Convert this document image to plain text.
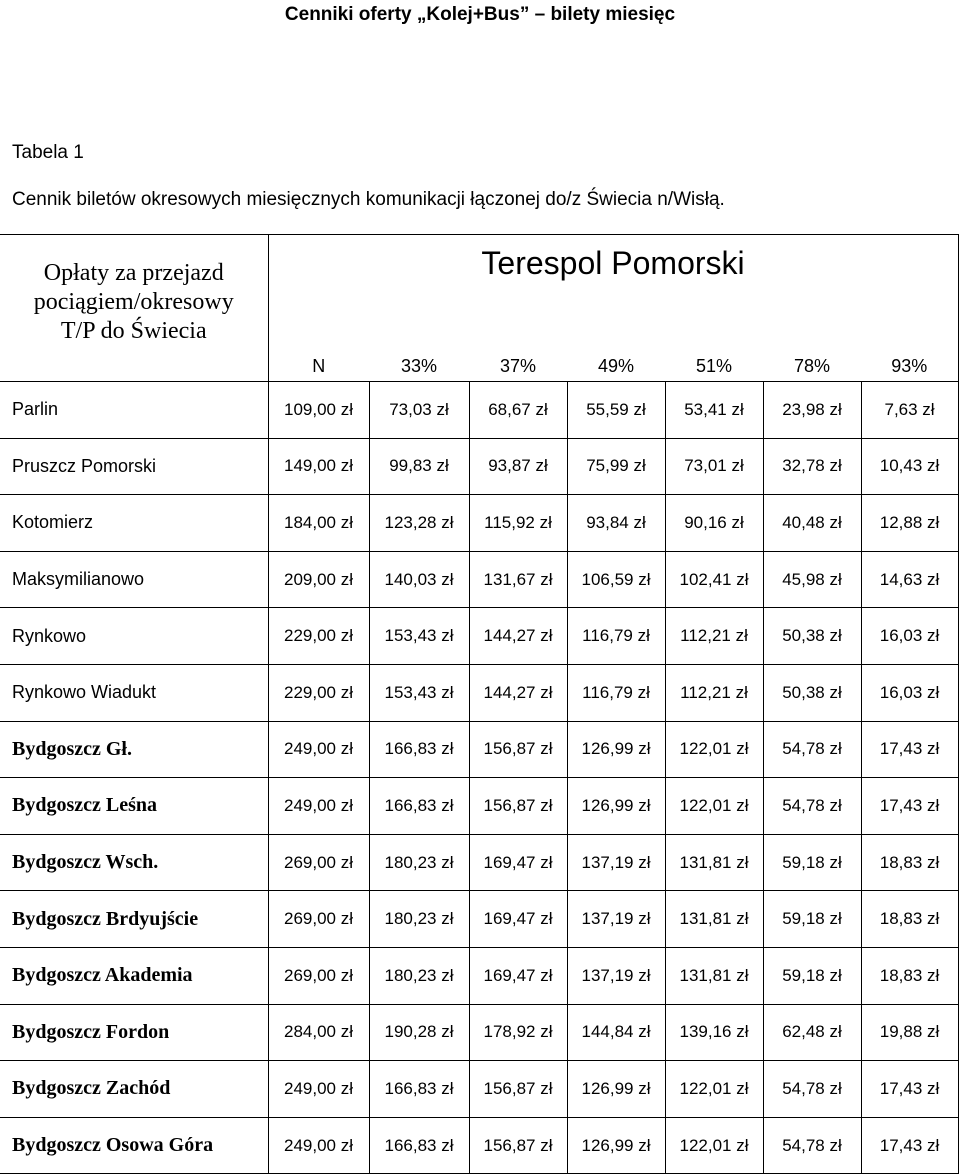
Cenniki oferty „Kolej+Bus” – bilety miesięc
Tabela 1
Cennik biletów okresowych miesięcznych komunikacji łączonej do/z Świecia n/Wisłą.
Opłaty za przejazd
pociągiem/okresowy
T/P do Świecia	Terespol Pomorski						
	N	33%	37%	49%	51%	78%	93%
Parlin	109,00 zł	73,03 zł	68,67 zł	55,59 zł	53,41 zł	23,98 zł	7,63 zł
Pruszcz Pomorski	149,00 zł	99,83 zł	93,87 zł	75,99 zł	73,01 zł	32,78 zł	10,43 zł
Kotomierz	184,00 zł	123,28 zł	115,92 zł	93,84 zł	90,16 zł	40,48 zł	12,88 zł
Maksymilianowo	209,00 zł	140,03 zł	131,67 zł	106,59 zł	102,41 zł	45,98 zł	14,63 zł
Rynkowo	229,00 zł	153,43 zł	144,27 zł	116,79 zł	112,21 zł	50,38 zł	16,03 zł
Rynkowo Wiadukt	229,00 zł	153,43 zł	144,27 zł	116,79 zł	112,21 zł	50,38 zł	16,03 zł
Bydgoszcz Gł.	249,00 zł	166,83 zł	156,87 zł	126,99 zł	122,01 zł	54,78 zł	17,43 zł
Bydgoszcz Leśna	249,00 zł	166,83 zł	156,87 zł	126,99 zł	122,01 zł	54,78 zł	17,43 zł
Bydgoszcz Wsch.	269,00 zł	180,23 zł	169,47 zł	137,19 zł	131,81 zł	59,18 zł	18,83 zł
Bydgoszcz Brdyujście	269,00 zł	180,23 zł	169,47 zł	137,19 zł	131,81 zł	59,18 zł	18,83 zł
Bydgoszcz Akademia	269,00 zł	180,23 zł	169,47 zł	137,19 zł	131,81 zł	59,18 zł	18,83 zł
Bydgoszcz Fordon	284,00 zł	190,28 zł	178,92 zł	144,84 zł	139,16 zł	62,48 zł	19,88 zł
Bydgoszcz Zachód	249,00 zł	166,83 zł	156,87 zł	126,99 zł	122,01 zł	54,78 zł	17,43 zł
Bydgoszcz Osowa Góra	249,00 zł	166,83 zł	156,87 zł	126,99 zł	122,01 zł	54,78 zł	17,43 zł
